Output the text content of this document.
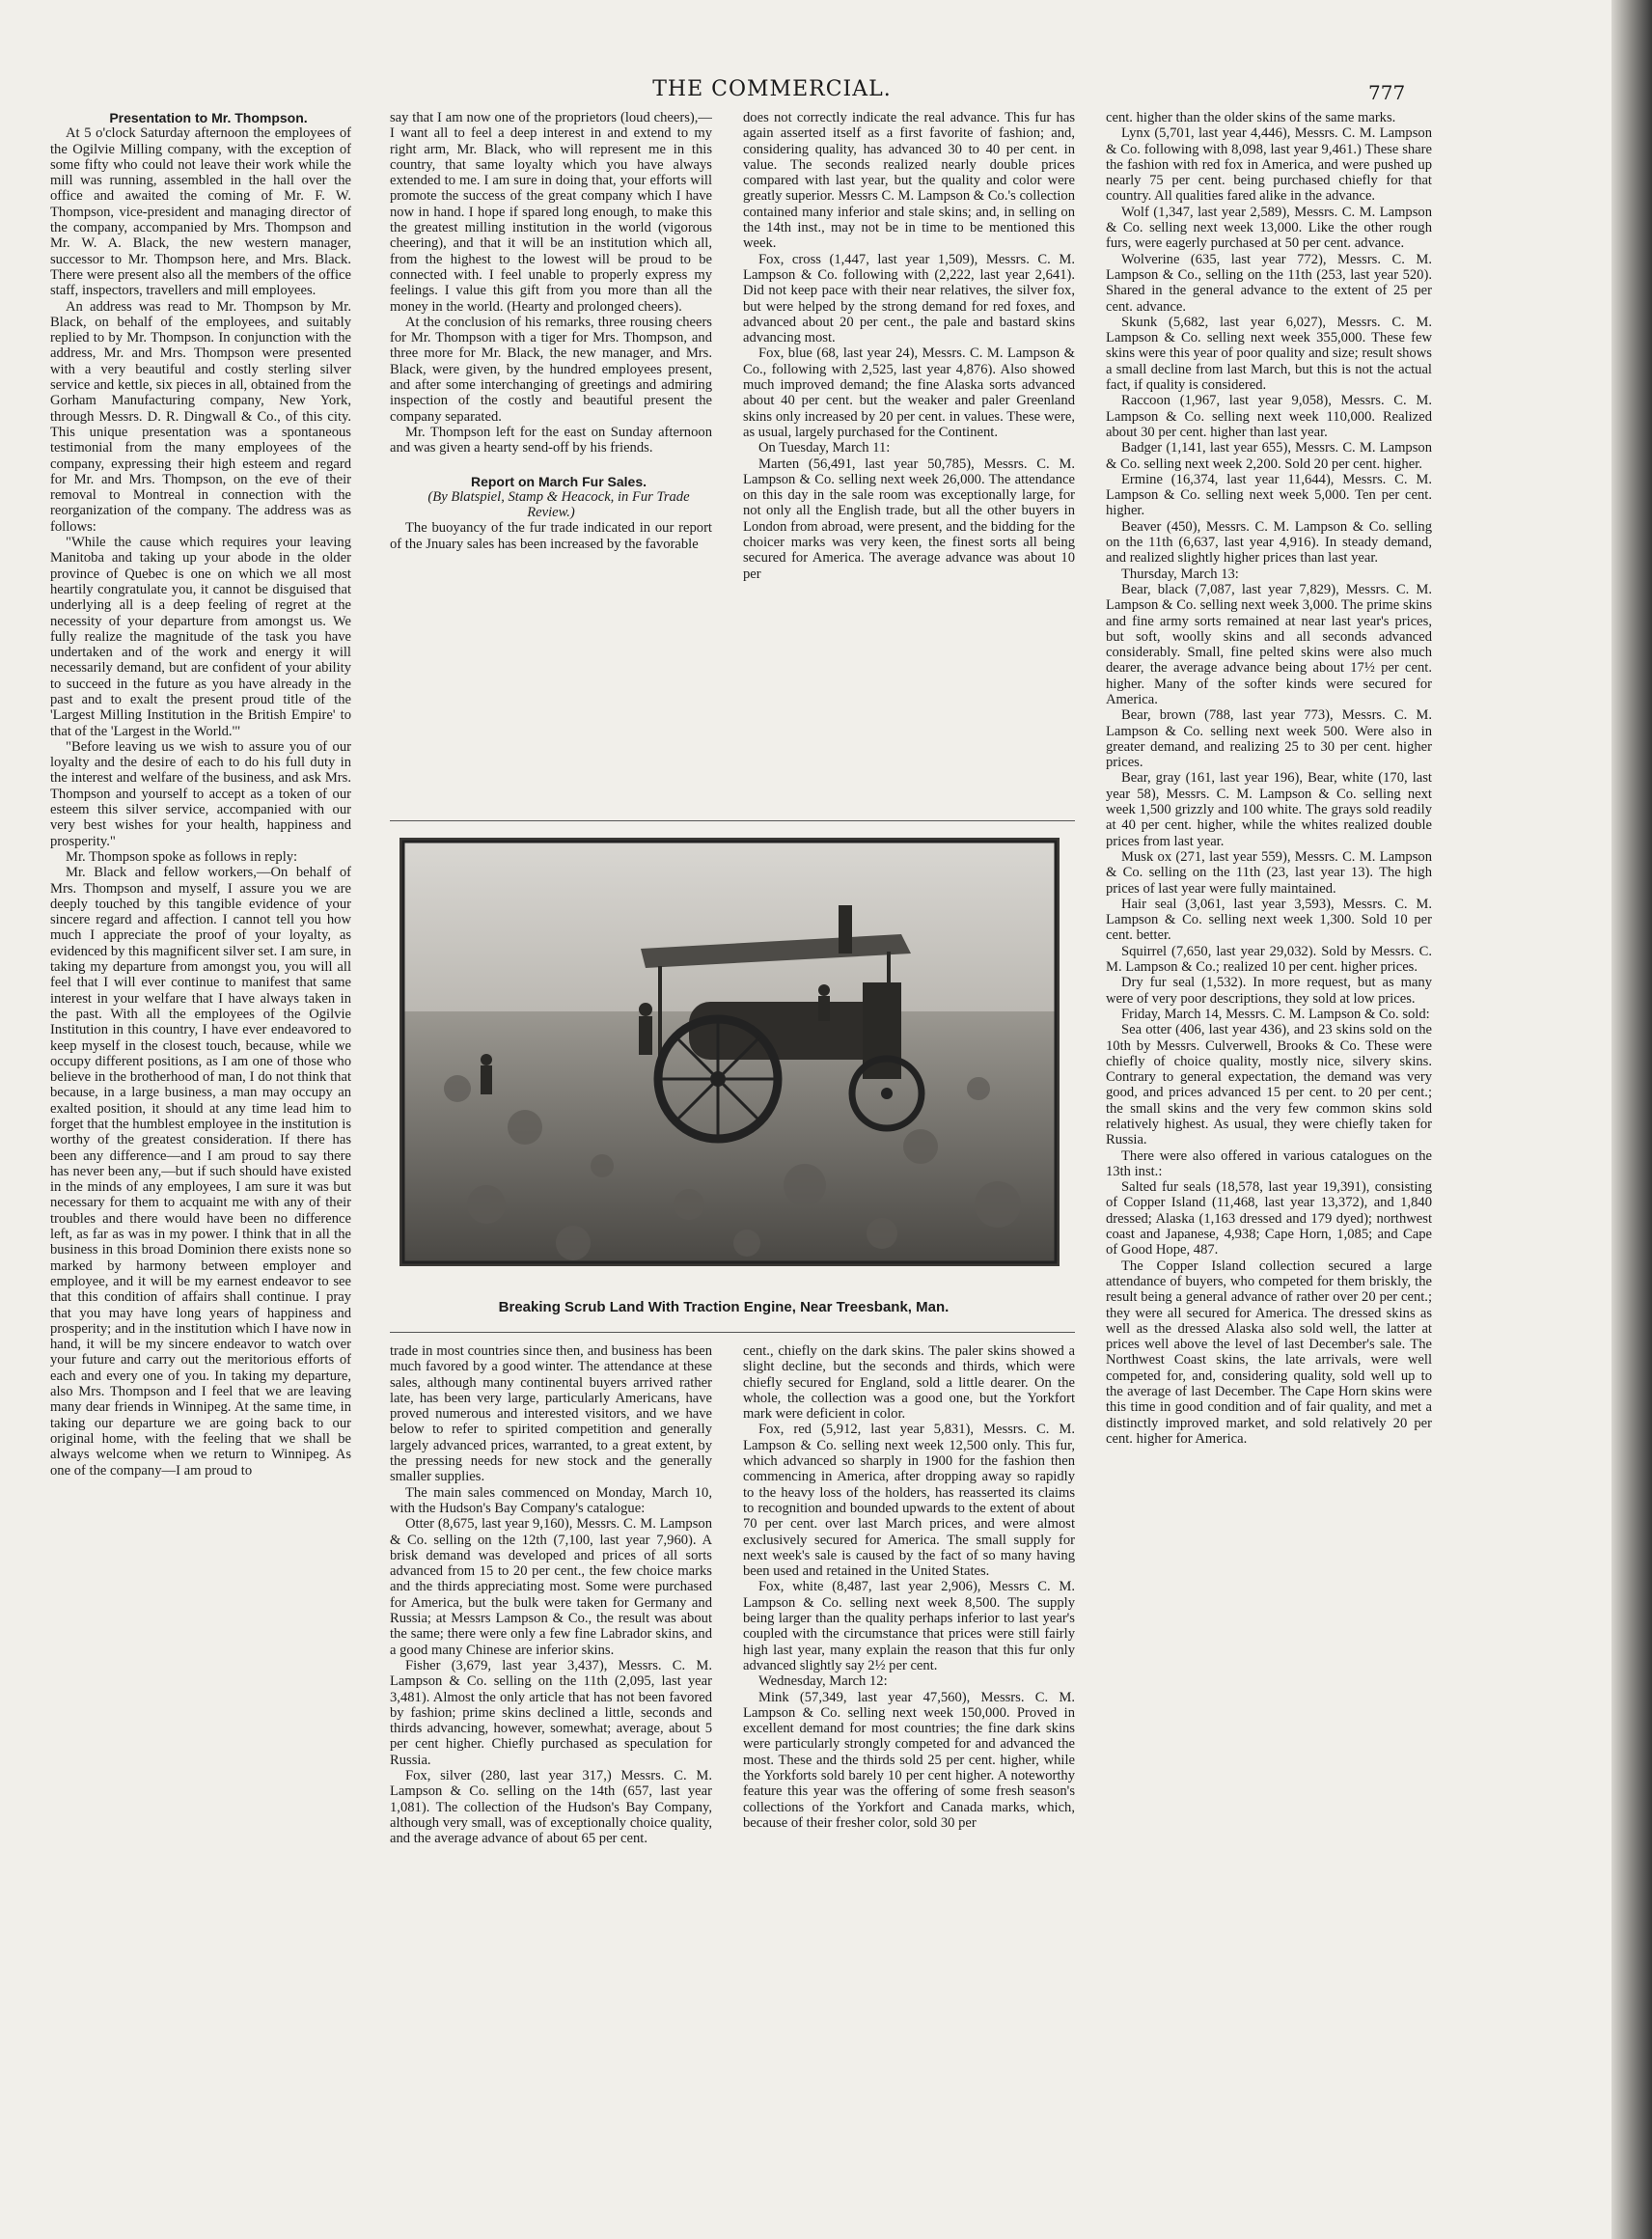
THE COMMERCIAL.	777

Presentation to Mr. Thompson.

At 5 o'clock Saturday afternoon the employees of the Ogilvie Milling company, with the exception of some fifty who could not leave their work while the mill was running, assembled in the hall over the office and awaited the coming of Mr. F. W. Thompson, vice-president and managing director of the company, accompanied by Mrs. Thompson and Mr. W. A. Black, the new western manager, successor to Mr. Thompson here, and Mrs. Black. There were present also all the members of the office staff, inspectors, travellers and mill employees.

An address was read to Mr. Thompson by Mr. Black, on behalf of the employees, and suitably replied to by Mr. Thompson. In conjunction with the address, Mr. and Mrs. Thompson were presented with a very beautiful and costly sterling silver service and kettle, six pieces in all, obtained from the Gorham Manufacturing company, New York, through Messrs. D. R. Dingwall & Co., of this city. This unique presentation was a spontaneous testimonial from the many employees of the company, expressing their high esteem and regard for Mr. and Mrs. Thompson, on the eve of their removal to Montreal in connection with the reorganization of the company. The address was as follows:

"While the cause which requires your leaving Manitoba and taking up your abode in the older province of Quebec is one on which we all most heartily congratulate you, it cannot be disguised that underlying all is a deep feeling of regret at the necessity of your departure from amongst us. We fully realize the magnitude of the task you have undertaken and of the work and energy it will necessarily demand, but are confident of your ability to succeed in the future as you have already in the past and to exalt the present proud title of the 'Largest Milling Institution in the British Empire' to that of the 'Largest in the World.'"

"Before leaving us we wish to assure you of our loyalty and the desire of each to do his full duty in the interest and welfare of the business, and ask Mrs. Thompson and yourself to accept as a token of our esteem this silver service, accompanied with our very best wishes for your health, happiness and prosperity."

Mr. Thompson spoke as follows in reply:

Mr. Black and fellow workers,—On behalf of Mrs. Thompson and myself, I assure you we are deeply touched by this tangible evidence of your sincere regard and affection. I cannot tell you how much I appreciate the proof of your loyalty, as evidenced by this magnificent silver set. I am sure, in taking my departure from amongst you, you will all feel that I will ever continue to manifest that same interest in your welfare that I have always taken in the past. With all the employees of the Ogilvie Institution in this country, I have ever endeavored to keep myself in the closest touch, because, while we occupy different positions, as I am one of those who believe in the brotherhood of man, I do not think that because, in a large business, a man may occupy an exalted position, it should at any time lead him to forget that the humblest employee in the institution is worthy of the greatest consideration. If there has been any difference—and I am proud to say there has never been any,—but if such should have existed in the minds of any employees, I am sure it was but necessary for them to acquaint me with any of their troubles and there would have been no difference left, as far as was in my power. I think that in all the business in this broad Dominion there exists none so marked by harmony between employer and employee, and it will be my earnest endeavor to see that this condition of affairs shall continue. I pray that you may have long years of happiness and prosperity; and in the institution which I have now in hand, it will be my sincere endeavor to watch over your future and carry out the meritorious efforts of each and every one of you. In taking my departure, also Mrs. Thompson and I feel that we are leaving many dear friends in Winnipeg. At the same time, in taking our departure we are going back to our original home, with the feeling that we shall be always welcome when we return to Winnipeg. As one of the company—I am proud to

say that I am now one of the proprietors (loud cheers),—I want all to feel a deep interest in and extend to my right arm, Mr. Black, who will represent me in this country, that same loyalty which you have always extended to me. I am sure in doing that, your efforts will promote the success of the great company which I have now in hand. I hope if spared long enough, to make this the greatest milling institution in the world (vigorous cheering), and that it will be an institution which all, from the highest to the lowest will be proud to be connected with. I feel unable to properly express my feelings. I value this gift from you more than all the money in the world. (Hearty and prolonged cheers).

At the conclusion of his remarks, three rousing cheers for Mr. Thompson with a tiger for Mrs. Thompson, and three more for Mr. Black, the new manager, and Mrs. Black, were given, by the hundred employees present, and after some interchanging of greetings and admiring inspection of the costly and beautiful present the company separated.

Mr. Thompson left for the east on Sunday afternoon and was given a hearty send-off by his friends.

Report on March Fur Sales.

(By Blatspiel, Stamp & Heacock, in Fur Trade Review.)

The buoyancy of the fur trade indicated in our report of the Jnuary sales has been increased by the favorable

does not correctly indicate the real advance. This fur has again asserted itself as a first favorite of fashion; and, considering quality, has advanced 30 to 40 per cent. in value. The seconds realized nearly double prices compared with last year, but the quality and color were greatly superior. Messrs C. M. Lampson & Co.'s collection contained many inferior and stale skins; and, in selling on the 14th inst., may not be in time to be mentioned this week.

Fox, cross (1,447, last year 1,509), Messrs. C. M. Lampson & Co. following with (2,222, last year 2,641). Did not keep pace with their near relatives, the silver fox, but were helped by the strong demand for red foxes, and advanced about 20 per cent., the pale and bastard skins advancing most.

Fox, blue (68, last year 24), Messrs. C. M. Lampson & Co., following with 2,525, last year 4,876). Also showed much improved demand; the fine Alaska sorts advanced about 40 per cent. but the weaker and paler Greenland skins only increased by 20 per cent. in values. These were, as usual, largely purchased for the Continent.

On Tuesday, March 11:

Marten (56,491, last year 50,785), Messrs. C. M. Lampson & Co. selling next week 26,000. The attendance on this day in the sale room was exceptionally large, for not only all the English trade, but all the other buyers in London from abroad, were present, and the bidding for the choicer marks was very keen, the finest sorts all being secured for America. The average advance was about 10 per

Breaking Scrub Land With Traction Engine, Near Treesbank, Man.

trade in most countries since then, and business has been much favored by a good winter. The attendance at these sales, although many continental buyers arrived rather late, has been very large, particularly Americans, have proved numerous and interested visitors, and we have below to refer to spirited competition and generally largely advanced prices, warranted, to a great extent, by the pressing needs for new stock and the generally smaller supplies.

The main sales commenced on Monday, March 10, with the Hudson's Bay Company's catalogue:

Otter (8,675, last year 9,160), Messrs. C. M. Lampson & Co. selling on the 12th (7,100, last year 7,960). A brisk demand was developed and prices of all sorts advanced from 15 to 20 per cent., the few choice marks and the thirds appreciating most. Some were purchased for America, but the bulk were taken for Germany and Russia; at Messrs Lampson & Co., the result was about the same; there were only a few fine Labrador skins, and a good many Chinese are inferior skins.

Fisher (3,679, last year 3,437), Messrs. C. M. Lampson & Co. selling on the 11th (2,095, last year 3,481). Almost the only article that has not been favored by fashion; prime skins declined a little, seconds and thirds advancing, however, somewhat; average, about 5 per cent higher. Chiefly purchased as speculation for Russia.

Fox, silver (280, last year 317,) Messrs. C. M. Lampson & Co. selling on the 14th (657, last year 1,081). The collection of the Hudson's Bay Company, although very small, was of exceptionally choice quality, and the average advance of about 65 per cent.

cent., chiefly on the dark skins. The paler skins showed a slight decline, but the seconds and thirds, which were chiefly secured for England, sold a little dearer. On the whole, the collection was a good one, but the Yorkfort mark were deficient in color.

Fox, red (5,912, last year 5,831), Messrs. C. M. Lampson & Co. selling next week 12,500 only. This fur, which advanced so sharply in 1900 for the fashion then commencing in America, after dropping away so rapidly to the heavy loss of the holders, has reasserted its claims to recognition and bounded upwards to the extent of about 70 per cent. over last March prices, and were almost exclusively secured for America. The small supply for next week's sale is caused by the fact of so many having been used and retained in the United States.

Fox, white (8,487, last year 2,906), Messrs C. M. Lampson & Co. selling next week 8,500. The supply being larger than the quality perhaps inferior to last year's coupled with the circumstance that prices were still fairly high last year, many explain the reason that this fur only advanced slightly say 2½ per cent.

Wednesday, March 12:

Mink (57,349, last year 47,560), Messrs. C. M. Lampson & Co. selling next week 150,000. Proved in excellent demand for most countries; the fine dark skins were particularly strongly competed for and advanced the most. These and the thirds sold 25 per cent. higher, while the Yorkforts sold barely 10 per cent higher. A noteworthy feature this year was the offering of some fresh season's collections of the Yorkfort and Canada marks, which, because of their fresher color, sold 30 per

cent. higher than the older skins of the same marks.

Lynx (5,701, last year 4,446), Messrs. C. M. Lampson & Co. following with 8,098, last year 9,461.) These share the fashion with red fox in America, and were pushed up nearly 75 per cent. being purchased chiefly for that country. All qualities fared alike in the advance.

Wolf (1,347, last year 2,589), Messrs. C. M. Lampson & Co. selling next week 13,000. Like the other rough furs, were eagerly purchased at 50 per cent. advance.

Wolverine (635, last year 772), Messrs. C. M. Lampson & Co., selling on the 11th (253, last year 520). Shared in the general advance to the extent of 25 per cent. advance.

Skunk (5,682, last year 6,027), Messrs. C. M. Lampson & Co. selling next week 355,000. These few skins were this year of poor quality and size; result shows a small decline from last March, but this is not the actual fact, if quality is considered.

Raccoon (1,967, last year 9,058), Messrs. C. M. Lampson & Co. selling next week 110,000. Realized about 30 per cent. higher than last year.

Badger (1,141, last year 655), Messrs. C. M. Lampson & Co. selling next week 2,200. Sold 20 per cent. higher.

Ermine (16,374, last year 11,644), Messrs. C. M. Lampson & Co. selling next week 5,000. Ten per cent. higher.

Beaver (450), Messrs. C. M. Lampson & Co. selling on the 11th (6,637, last year 4,916). In steady demand, and realized slightly higher prices than last year.

Thursday, March 13:

Bear, black (7,087, last year 7,829), Messrs. C. M. Lampson & Co. selling next week 3,000. The prime skins and fine army sorts remained at near last year's prices, but soft, woolly skins and all seconds advanced considerably. Small, fine pelted skins were also much dearer, the average advance being about 17½ per cent. higher. Many of the softer kinds were secured for America.

Bear, brown (788, last year 773), Messrs. C. M. Lampson & Co. selling next week 500. Were also in greater demand, and realizing 25 to 30 per cent. higher prices.

Bear, gray (161, last year 196), Bear, white (170, last year 58), Messrs. C. M. Lampson & Co. selling next week 1,500 grizzly and 100 white. The grays sold readily at 40 per cent. higher, while the whites realized double prices from last year.

Musk ox (271, last year 559), Messrs. C. M. Lampson & Co. selling on the 11th (23, last year 13). The high prices of last year were fully maintained.

Hair seal (3,061, last year 3,593), Messrs. C. M. Lampson & Co. selling next week 1,300. Sold 10 per cent. better.

Squirrel (7,650, last year 29,032). Sold by Messrs. C. M. Lampson & Co.; realized 10 per cent. higher prices.

Dry fur seal (1,532). In more request, but as many were of very poor descriptions, they sold at low prices.

Friday, March 14, Messrs. C. M. Lampson & Co. sold:

Sea otter (406, last year 436), and 23 skins sold on the 10th by Messrs. Culverwell, Brooks & Co. These were chiefly of choice quality, mostly nice, silvery skins. Contrary to general expectation, the demand was very good, and prices advanced 15 per cent. to 20 per cent.; the small skins and the very few common skins sold relatively highest. As usual, they were chiefly taken for Russia.

There were also offered in various catalogues on the 13th inst.:

Salted fur seals (18,578, last year 19,391), consisting of Copper Island (11,468, last year 13,372), and 1,840 dressed; Alaska (1,163 dressed and 179 dyed); northwest coast and Japanese, 4,938; Cape Horn, 1,085; and Cape of Good Hope, 487.

The Copper Island collection secured a large attendance of buyers, who competed for them briskly, the result being a general advance of rather over 20 per cent.; they were all secured for America. The dressed skins as well as the dressed Alaska also sold well, the latter at prices well above the level of last December's sale. The Northwest Coast skins, the late arrivals, were well competed for, and, considering quality, sold well up to the average of last December. The Cape Horn skins were this time in good condition and of fair quality, and met a distinctly improved market, and sold relatively 20 per cent. higher for America.
